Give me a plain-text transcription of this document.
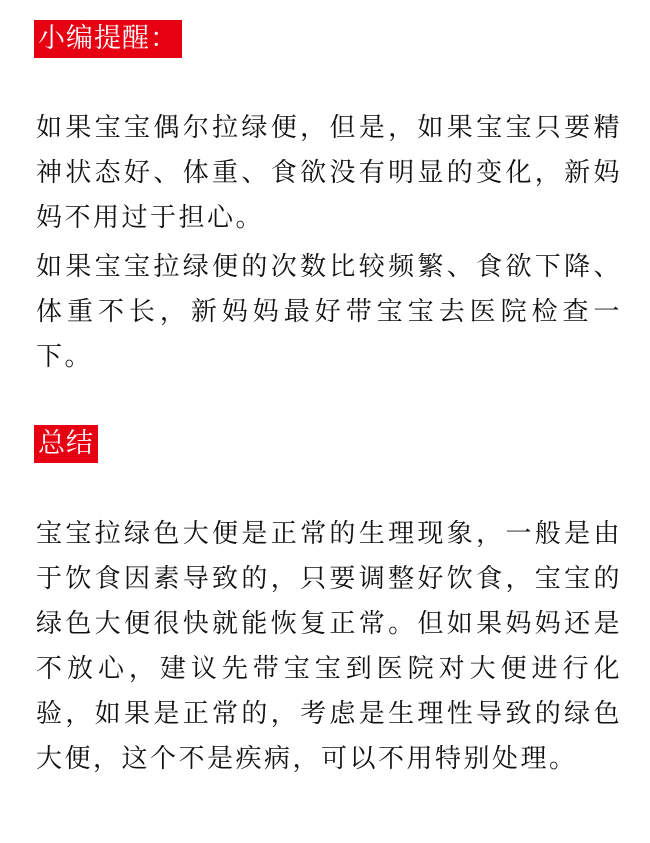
小编提醒：

如果宝宝偶尔拉绿便，但是，如果宝宝只要精神状态好、体重、食欲没有明显的变化，新妈妈不用过于担心。

如果宝宝拉绿便的次数比较频繁、食欲下降、体重不长，新妈妈最好带宝宝去医院检查一下。

总结

宝宝拉绿色大便是正常的生理现象，一般是由于饮食因素导致的，只要调整好饮食，宝宝的绿色大便很快就能恢复正常。但如果妈妈还是不放心，建议先带宝宝到医院对大便进行化验，如果是正常的，考虑是生理性导致的绿色大便，这个不是疾病，可以不用特别处理。
